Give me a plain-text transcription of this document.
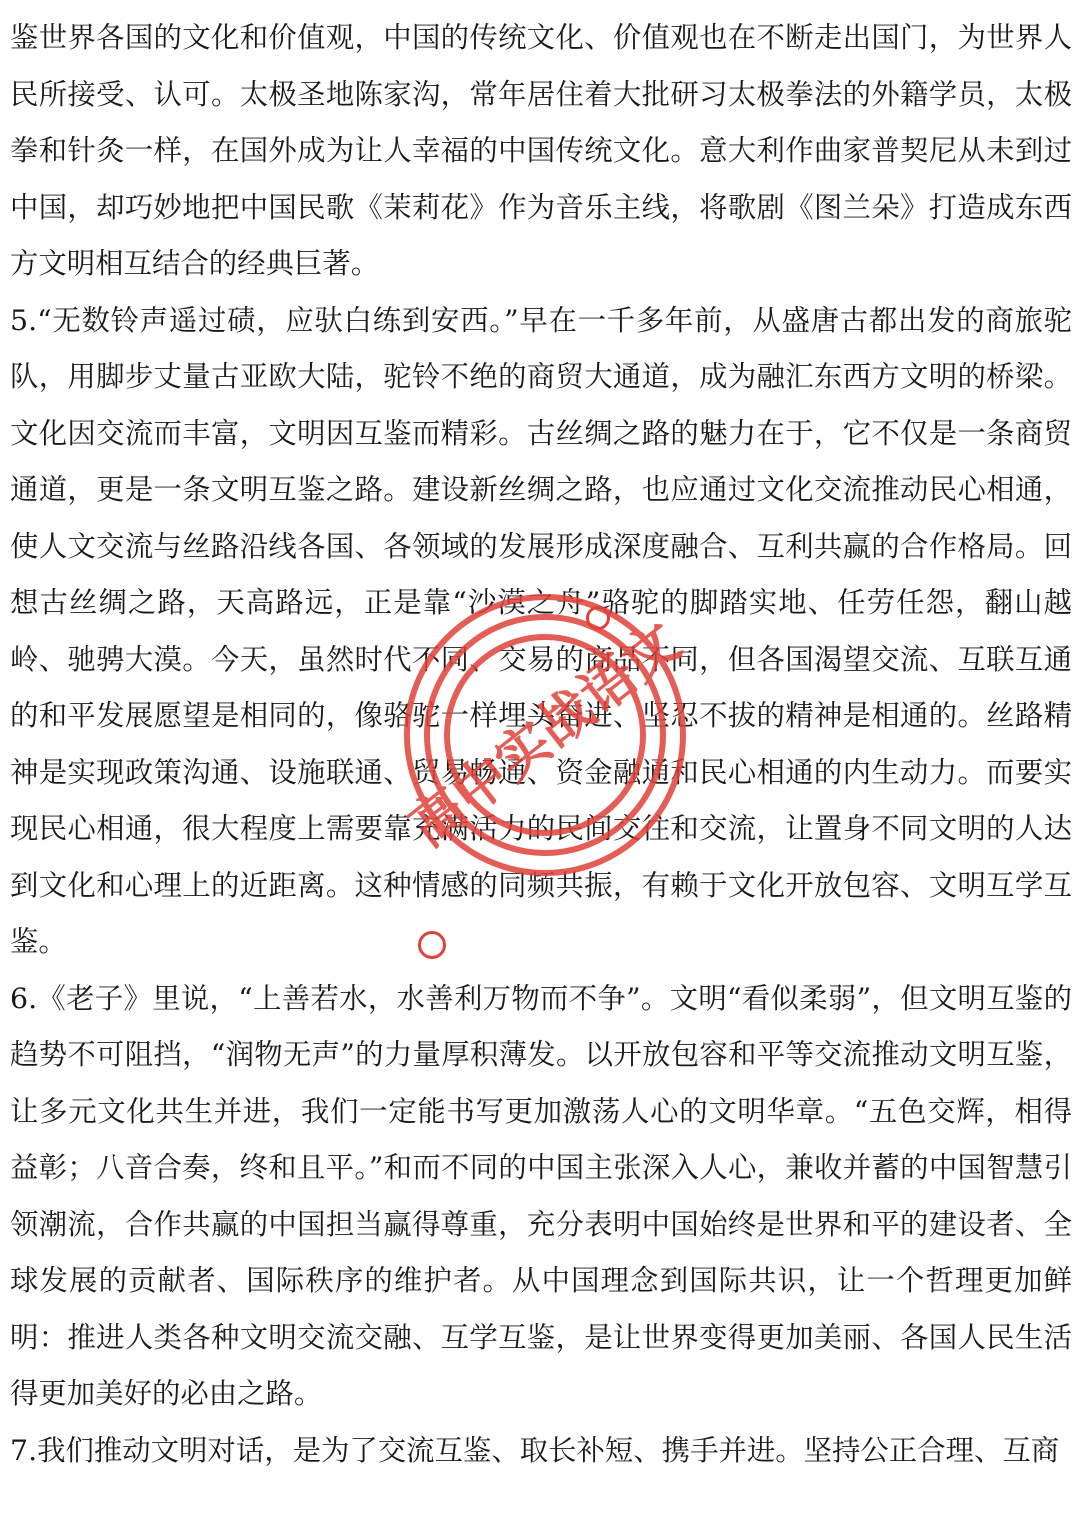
鉴世界各国的文化和价值观，中国的传统文化、价值观也在不断走出国门，为世界人民所接受、认可。太极圣地陈家沟，常年居住着大批研习太极拳法的外籍学员，太极拳和针灸一样，在国外成为让人幸福的中国传统文化。意大利作曲家普契尼从未到过中国，却巧妙地把中国民歌《茉莉花》作为音乐主线，将歌剧《图兰朵》打造成东西方文明相互结合的经典巨著。

5.“无数铃声遥过碛，应驮白练到安西。”早在一千多年前，从盛唐古都出发的商旅驼队，用脚步丈量古亚欧大陆，驼铃不绝的商贸大通道，成为融汇东西方文明的桥梁。文化因交流而丰富，文明因互鉴而精彩。古丝绸之路的魅力在于，它不仅是一条商贸通道，更是一条文明互鉴之路。建设新丝绸之路，也应通过文化交流推动民心相通，使人文交流与丝路沿线各国、各领域的发展形成深度融合、互利共赢的合作格局。回想古丝绸之路，天高路远，正是靠“沙漠之舟”骆驼的脚踏实地、任劳任怨，翻山越岭、驰骋大漠。今天，虽然时代不同、交易的商品不同，但各国渴望交流、互联互通的和平发展愿望是相同的，像骆驼一样埋头奋进、坚忍不拔的精神是相通的。丝路精神是实现政策沟通、设施联通、贸易畅通、资金融通和民心相通的内生动力。而要实现民心相通，很大程度上需要靠充满活力的民间交往和交流，让置身不同文明的人达到文化和心理上的近距离。这种情感的同频共振，有赖于文化开放包容、文明互学互鉴。

6.《老子》里说，“上善若水，水善利万物而不争”。文明“看似柔弱”，但文明互鉴的趋势不可阻挡，“润物无声”的力量厚积薄发。以开放包容和平等交流推动文明互鉴，让多元文化共生并进，我们一定能书写更加激荡人心的文明华章。“五色交辉，相得益彰；八音合奏，终和且平。”和而不同的中国主张深入人心，兼收并蓄的中国智慧引领潮流，合作共赢的中国担当赢得尊重，充分表明中国始终是世界和平的建设者、全球发展的贡献者、国际秩序的维护者。从中国理念到国际共识，让一个哲理更加鲜明：推进人类各种文明交流交融、互学互鉴，是让世界变得更加美丽、各国人民生活得更加美好的必由之路。

7.我们推动文明对话，是为了交流互鉴、取长补短、携手并进。坚持公正合理、互商

高中实战语文
